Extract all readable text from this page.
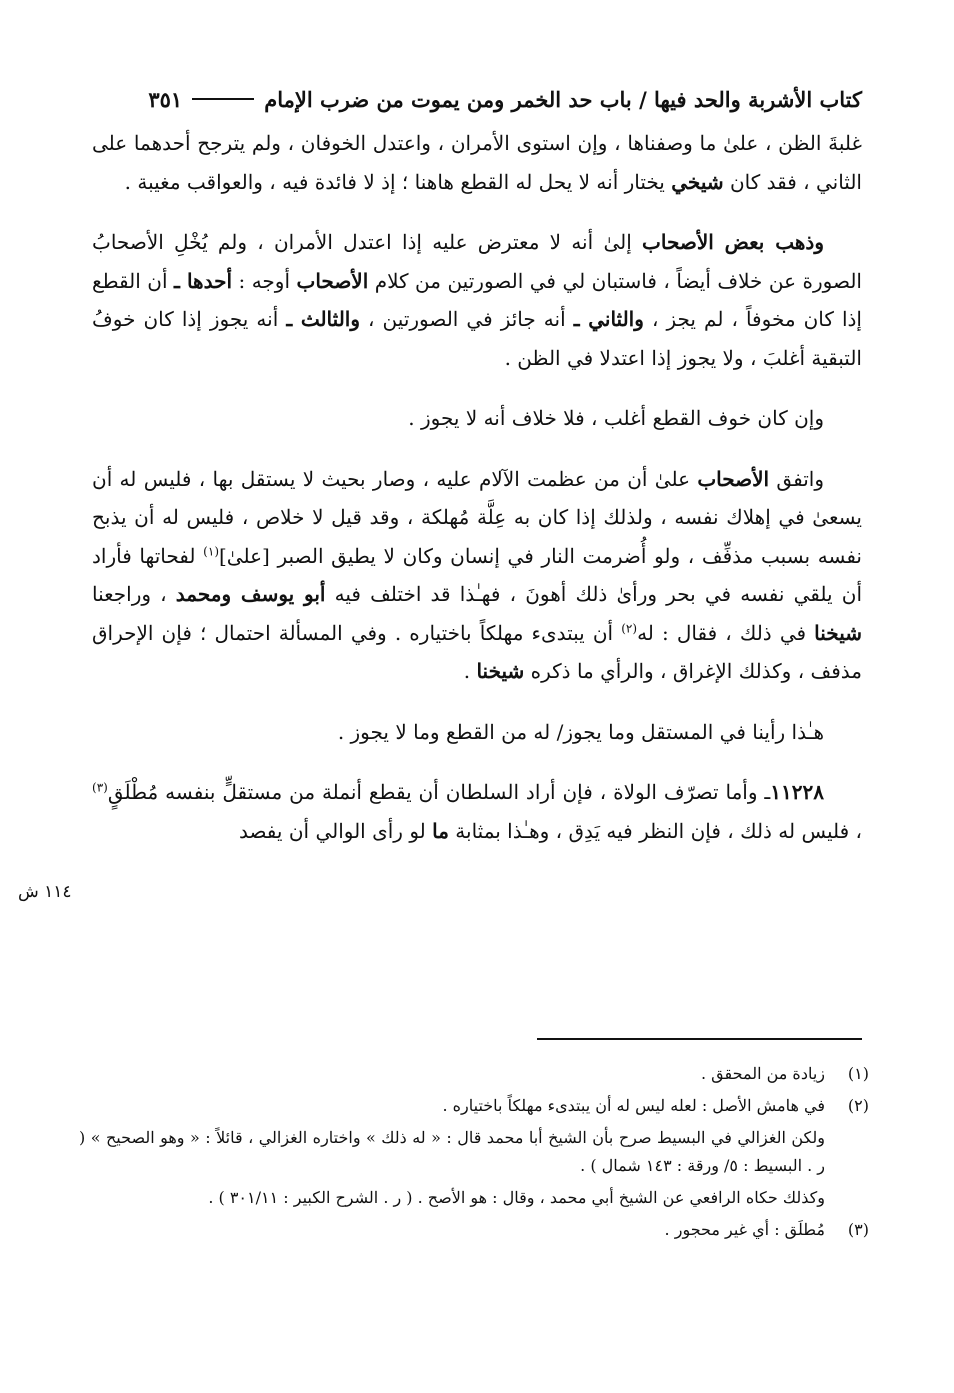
كتاب الأشربة والحد فيها / باب حد الخمر ومن يموت من ضرب الإمام
٣٥١

غلبةَ الظن ، علىٰ ما وصفناها ، وإن استوى الأمران ، واعتدل الخوفان ، ولم يترجح أحدهما على الثاني ، فقد كان شيخي يختار أنه لا يحل له القطع هاهنا ؛ إذ لا فائدة فيه ، والعواقب مغيبة .

وذهب بعض الأصحاب إلىٰ أنه لا معترض عليه إذا اعتدل الأمران ، ولم يُخْلِ الأصحابُ الصورة عن خلاف أيضاً ، فاستبان لي في الصورتين من كلام الأصحاب أوجه : أحدها ـ أن القطع إذا كان مخوفاً ، لم يجز ، والثاني ـ أنه جائز في الصورتين ، والثالث ـ أنه يجوز إذا كان خوفُ التبقية أغلبَ ، ولا يجوز إذا اعتدلا في الظن .

وإن كان خوف القطع أغلب ، فلا خلاف أنه لا يجوز .

واتفق الأصحاب علىٰ أن من عظمت الآلام عليه ، وصار بحيث لا يستقل بها ، فليس له أن يسعىٰ في إهلاك نفسه ، ولذلك إذا كان به عِلَّة مُهلكة ، وقد قيل لا خلاص ، فليس له أن يذبح نفسه بسبب مذفِّف ، ولو أُضرمت النار في إنسان وكان لا يطيق الصبر [علىٰ]$^{(١)}$ لفحاتها فأراد أن يلقي نفسه في بحر ورأىٰ ذلك أهونَ ، فهـٰذا قد اختلف فيه أبو يوسف ومحمد ، وراجعنا شيخنا في ذلك ، فقال : له$^{(٢)}$ أن يبتدىء مهلكاً باختياره . وفي المسألة احتمال ؛ فإن الإحراق مذفف ، وكذلك الإغراق ، والرأي ما ذكره شيخنا .

هـٰذا رأينا في المستقل وما يجوز/ له من القطع وما لا يجوز .

١١٢٢٨ـ وأما تصرّف الولاة ، فإن أراد السلطان أن يقطع أنملة من مستقلٍّ بنفسه مُطْلَقٍ$^{(٣)}$ ، فليس له ذلك ، فإن النظر فيه يَدِق ، وهـٰذا بمثابة ما لو رأى الوالي أن يفصد

١١٤ ش
(١)
زيادة من المحقق .
(٢)
في هامش الأصل : لعله ليس له أن يبتدىء مهلكاً باختياره .
ولكن الغزالي في البسيط صرح بأن الشيخ أبا محمد قال : « له ذلك » واختاره الغزالي ، قائلاً : « وهو الصحيح » ( ر . البسيط : ٥/ ورقة : ١٤٣ شمال ) .
وكذلك حكاه الرافعي عن الشيخ أبي محمد ، وقال : هو الأصح . ( ر . الشرح الكبير : ٣٠١/١١ ) .
(٣)
مُطلَق : أي غير محجور .
